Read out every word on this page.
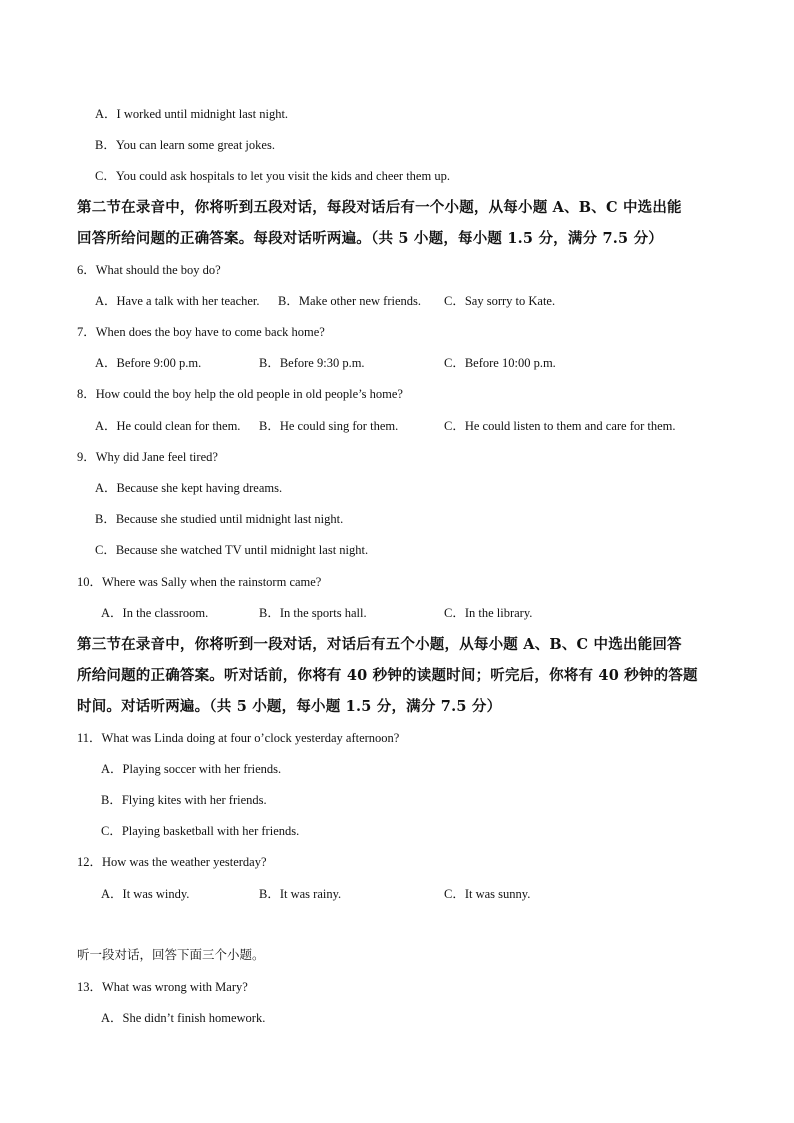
A．I worked until midnight last night.
B．You can learn some great jokes.
C．You could ask hospitals to let you visit the kids and cheer them up.
第二节在录音中，你将听到五段对话，每段对话后有一个小题，从每小题 A、B、C 中选出能
回答所给问题的正确答案。每段对话听两遍。（共 5 小题，每小题 1.5 分，满分 7.5 分）
6．What should the boy do?
A．Have a talk with her teacher. B．Make other new friends. C．Say sorry to Kate.
7．When does the boy have to come back home?
A．Before 9:00 p.m.	B．Before 9:30 p.m.	C．Before 10:00 p.m.
8．How could the boy help the old people in old people’s home?
A．He could clean for them. B．He could sing for them.	C．He could listen to them and care for them.
9．Why did Jane feel tired?
A．Because she kept having dreams.
B．Because she studied until midnight last night.
C．Because she watched TV until midnight last night.
10．Where was Sally when the rainstorm came?
A．In the classroom.	B．In the sports hall.	C．In the library.
第三节在录音中，你将听到一段对话，对话后有五个小题，从每小题 A、B、C 中选出能回答
所给问题的正确答案。听对话前，你将有 40 秒钟的读题时间；听完后，你将有 40 秒钟的答题
时间。对话听两遍。（共 5 小题，每小题 1.5 分，满分 7.5 分）
11．What was Linda doing at four o’clock yesterday afternoon?
A．Playing soccer with her friends.
B．Flying kites with her friends.
C．Playing basketball with her friends.
12．How was the weather yesterday?
A．It was windy.	B．It was rainy.	C．It was sunny.
听一段对话，回答下面三个小题。
13．What was wrong with Mary?
A．She didn’t finish homework.
